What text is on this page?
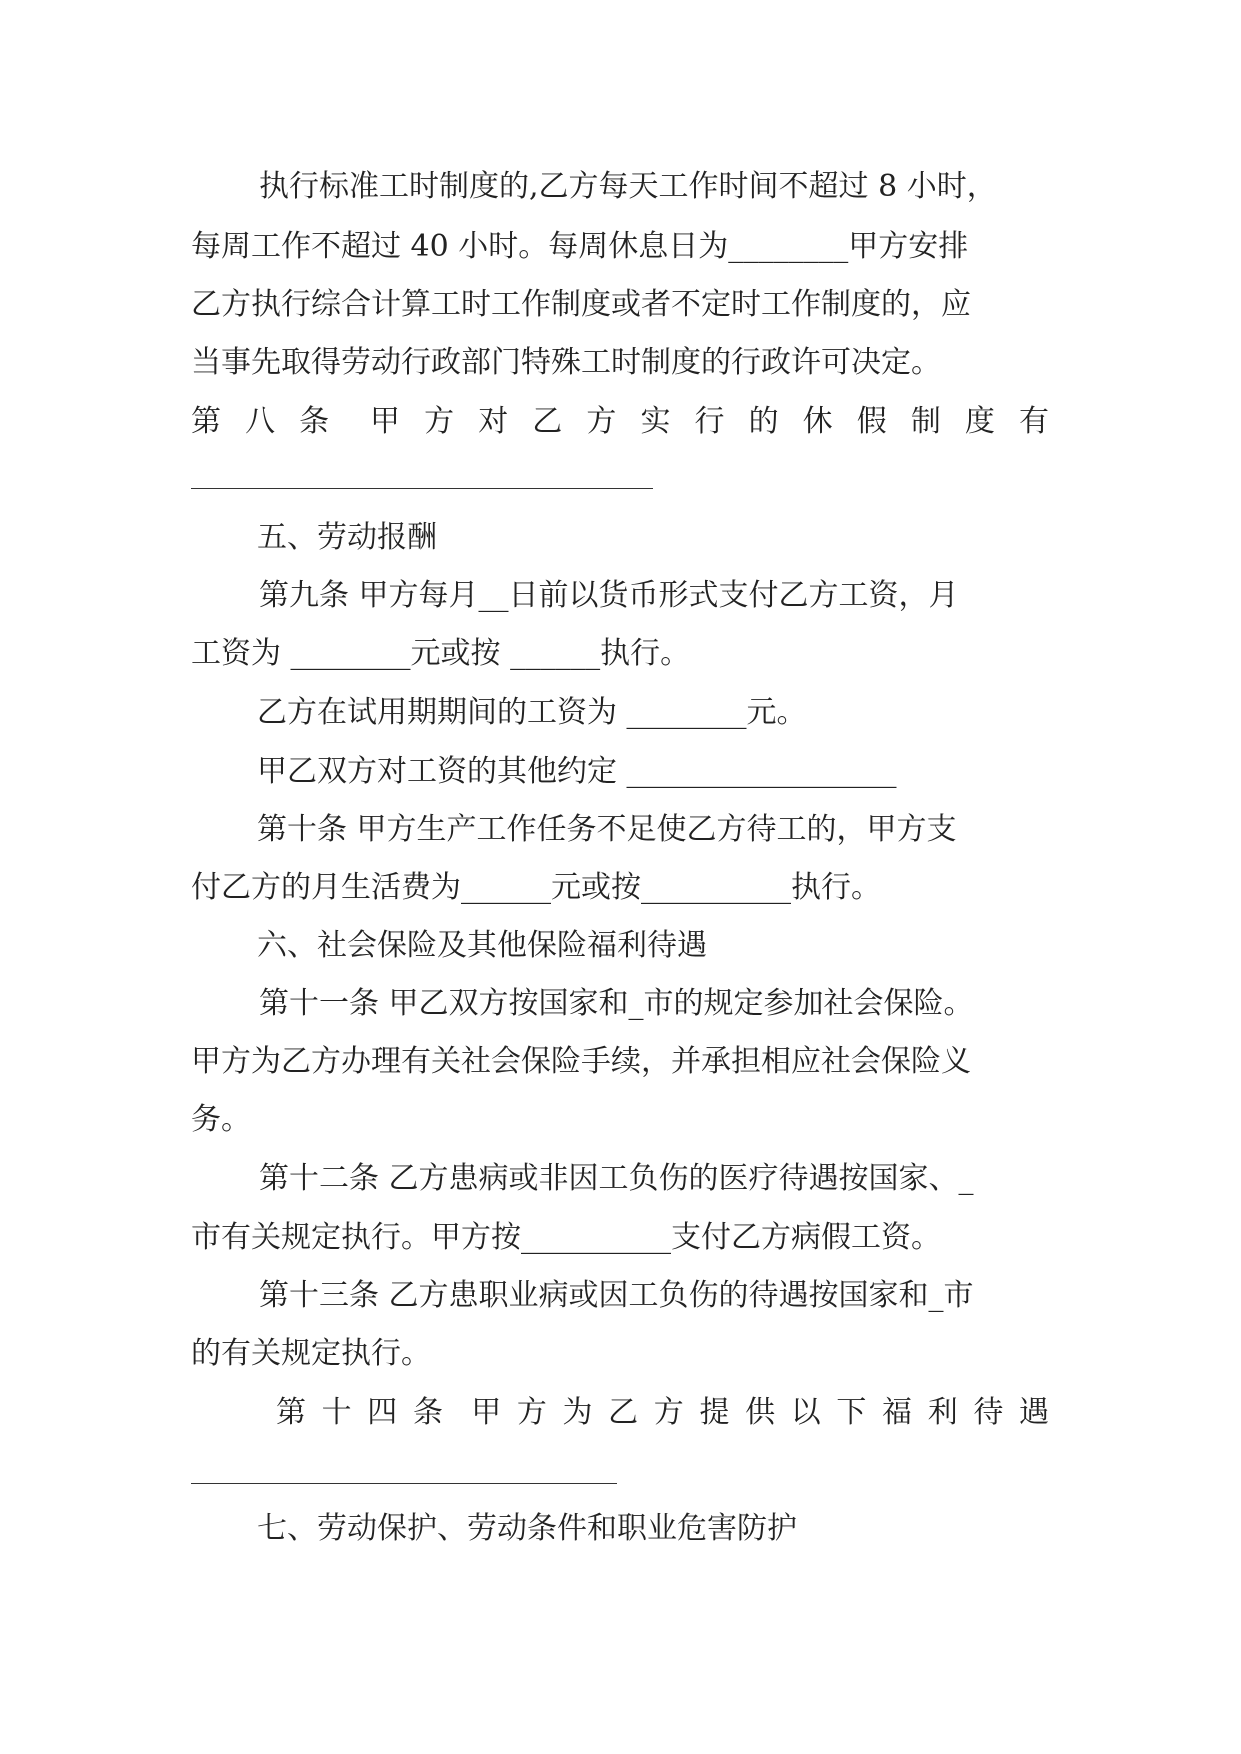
执行标准工时制度的,乙方每天工作时间不超过 8 小时，
每周工作不超过 40 小时。每周休息日为________甲方安排
乙方执行综合计算工时工作制度或者不定时工作制度的，应
当事先取得劳动行政部门特殊工时制度的行政许可决定。
第 八 条  甲 方 对 乙 方 实 行 的 休 假 制 度 有
五、劳动报酬
第九条 甲方每月__日前以货币形式支付乙方工资，月
工资为 ________元或按 ______执行。
乙方在试用期期间的工资为 ________元。
甲乙双方对工资的其他约定 __________________
第十条 甲方生产工作任务不足使乙方待工的，甲方支
付乙方的月生活费为______元或按__________执行。
六、社会保险及其他保险福利待遇
第十一条 甲乙双方按国家和_市的规定参加社会保险。
甲方为乙方办理有关社会保险手续，并承担相应社会保险义
务。
第十二条 乙方患病或非因工负伤的医疗待遇按国家、_
市有关规定执行。甲方按__________支付乙方病假工资。
第十三条 乙方患职业病或因工负伤的待遇按国家和_市
的有关规定执行。
第 十 四 条  甲 方 为 乙 方 提 供 以 下 福 利 待 遇
七、劳动保护、劳动条件和职业危害防护
